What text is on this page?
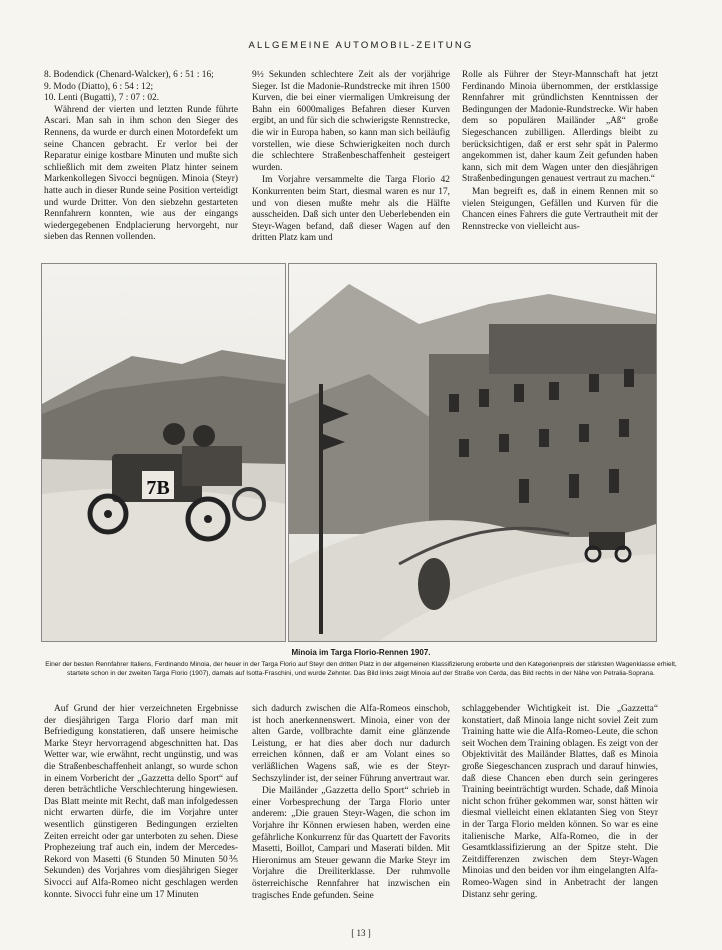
ALLGEMEINE AUTOMOBIL-ZEITUNG
8. Bodendick (Chenard-Walcker), 6 : 51 : 16;
9. Modo (Diatto), 6 : 54 : 12;
10. Lenti (Bugatti), 7 : 07 : 02.

Während der vierten und letzten Runde führte Ascari. Man sah in ihm schon den Sieger des Rennens, da wurde er durch einen Motordefekt um seine Chancen gebracht. Er verlor bei der Reparatur einige kostbare Minuten und mußte sich schließlich mit dem zweiten Platz hinter seinem Markenkollegen Sivocci begnügen. Minoia (Steyr) hatte auch in dieser Runde seine Position verteidigt und wurde Dritter. Von den siebzehn gestarteten Rennfahrern konnten, wie aus der eingangs wiedergegebenen Endplacierung hervorgeht, nur sieben das Rennen vollenden.

9½ Sekunden schlechtere Zeit als der vorjährige Sieger. Ist die Madonie-Rundstrecke mit ihren 1500 Kurven, die bei einer viermaligen Umkreisung der Bahn ein 6000maliges Befahren dieser Kurven ergibt, an und für sich die schwierigste Rennstrecke, die wir in Europa haben, so kann man sich beiläufig vorstellen, wie diese Schwierigkeiten noch durch die schlechtere Straßenbeschaffenheit gesteigert wurden.

Im Vorjahre versammelte die Targa Florio 42 Konkurrenten beim Start, diesmal waren es nur 17, und von diesen mußte mehr als die Hälfte ausscheiden. Daß sich unter den Ueberlebenden ein Steyr-Wagen befand, daß dieser Wagen auf den dritten Platz kam und

Rolle als Führer der Steyr-Mannschaft hat jetzt Ferdinando Minoia übernommen, der erstklassige Rennfahrer mit gründlichsten Kenntnissen der Bedingungen der Madonie-Rundstrecke. Wir haben dem so populären Mailänder „Aß“ große Siegeschancen zubilligen. Allerdings bleibt zu berücksichtigen, daß er erst sehr spät in Palermo angekommen ist, daher kaum Zeit gefunden haben kann, sich mit dem Wagen unter den diesjährigen Straßenbedingungen genauest vertraut zu machen.“

Man begreift es, daß in einem Rennen mit so vielen Steigungen, Gefällen und Kurven für die Chancen eines Fahrers die gute Vertrautheit mit der Rennstrecke von vielleicht aus-

7B
Minoia im Targa Florio-Rennen 1907.
Einer der besten Rennfahrer Italiens, Ferdinando Minoia, der heuer in der Targa Florio auf Steyr den dritten Platz in der allgemeinen Klassifizierung eroberte und den Kategorienpreis der stärksten Wagenklasse erhielt, startete schon in der zweiten Targa Florio (1907), damals auf Isotta-Fraschini, und wurde Zehnter. Das Bild links zeigt Minoia auf der Straße von Cerda, das Bild rechts in der Nähe von Petralia-Soprana.

Auf Grund der hier verzeichneten Ergebnisse der diesjährigen Targa Florio darf man mit Befriedigung konstatieren, daß unsere heimische Marke Steyr hervorragend abgeschnitten hat. Das Wetter war, wie erwähnt, recht ungünstig, und was die Straßenbeschaffenheit anlangt, so wurde schon in einem Vorbericht der „Gazzetta dello Sport“ auf deren beträchtliche Verschlechterung hingewiesen. Das Blatt meinte mit Recht, daß man infolgedessen nicht erwarten dürfe, die im Vorjahre unter wesentlich günstigeren Bedingungen erzielten Zeiten erreicht oder gar unterboten zu sehen. Diese Prophezeiung traf auch ein, indem der Mercedes-Rekord von Masetti (6 Stunden 50 Minuten 50⅗ Sekunden) des Vorjahres vom diesjährigen Sieger Sivocci auf Alfa-Romeo nicht geschlagen werden konnte. Sivocci fuhr eine um 17 Minuten

sich dadurch zwischen die Alfa-Romeos einschob, ist hoch anerkennenswert. Minoia, einer von der alten Garde, vollbrachte damit eine glänzende Leistung, er hat dies aber doch nur dadurch erreichen können, daß er am Volant eines so verläßlichen Wagens saß, wie es der Steyr-Sechszylinder ist, der seiner Führung anvertraut war.

Die Mailänder „Gazzetta dello Sport“ schrieb in einer Vorbesprechung der Targa Florio unter anderem: „Die grauen Steyr-Wagen, die schon im Vorjahre ihr Können erwiesen haben, werden eine gefährliche Konkurrenz für das Quartett der Favorits Masetti, Boillot, Campari und Maserati bilden. Mit Hieronimus am Steuer gewann die Marke Steyr im Vorjahre die Dreiliterklasse. Der ruhmvolle österreichische Rennfahrer hat inzwischen ein tragisches Ende gefunden. Seine

schlaggebender Wichtigkeit ist. Die „Gazzetta“ konstatiert, daß Minoia lange nicht soviel Zeit zum Training hatte wie die Alfa-Romeo-Leute, die schon seit Wochen dem Training oblagen. Es zeigt von der Objektivität des Mailänder Blattes, daß es Minoia große Siegeschancen zusprach und darauf hinwies, daß diese Chancen eben durch sein geringeres Training beeinträchtigt wurden. Schade, daß Minoia nicht schon früher gekommen war, sonst hätten wir diesmal vielleicht einen eklatanten Sieg von Steyr in der Targa Florio melden können. So war es eine italienische Marke, Alfa-Romeo, die in der Gesamtklassifizierung an der Spitze steht. Die Zeitdifferenzen zwischen dem Steyr-Wagen Minoias und den beiden vor ihm eingelangten Alfa-Romeo-Wagen sind in Anbetracht der langen Distanz sehr gering.

[ 13 ]
